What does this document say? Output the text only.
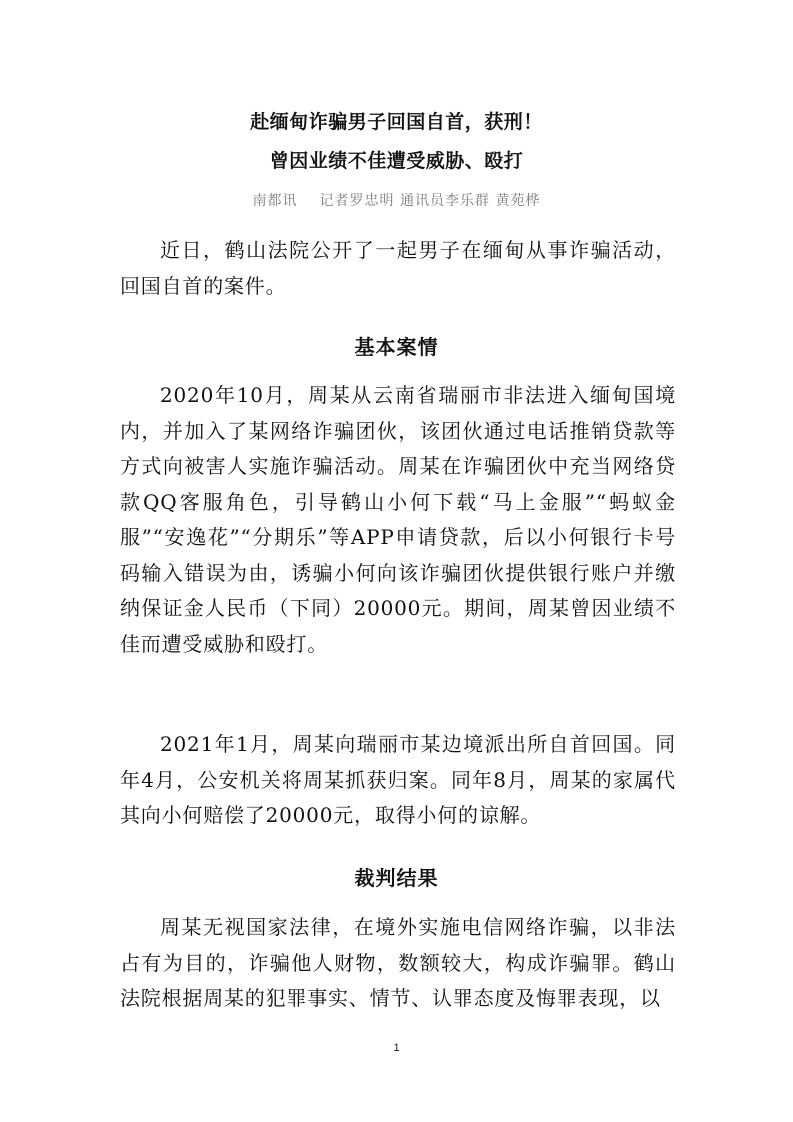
赴缅甸诈骗男子回国自首，获刑！
曾因业绩不佳遭受威胁、殴打
南都讯 记者罗忠明 通讯员李乐群 黄苑桦

近日，鹤山法院公开了一起男子在缅甸从事诈骗活动，回国自首的案件。

基本案情

2020年10月，周某从云南省瑞丽市非法进入缅甸国境内，并加入了某网络诈骗团伙，该团伙通过电话推销贷款等方式向被害人实施诈骗活动。周某在诈骗团伙中充当网络贷款QQ客服角色，引导鹤山小何下载“马上金服”“蚂蚁金服”“安逸花”“分期乐”等APP申请贷款，后以小何银行卡号码输入错误为由，诱骗小何向该诈骗团伙提供银行账户并缴纳保证金人民币（下同）20000元。期间，周某曾因业绩不佳而遭受威胁和殴打。

2021年1月，周某向瑞丽市某边境派出所自首回国。同年4月，公安机关将周某抓获归案。同年8月，周某的家属代其向小何赔偿了20000元，取得小何的谅解。

裁判结果

周某无视国家法律，在境外实施电信网络诈骗，以非法占有为目的，诈骗他人财物，数额较大，构成诈骗罪。鹤山法院根据周某的犯罪事实、情节、认罪态度及悔罪表现，以

1
